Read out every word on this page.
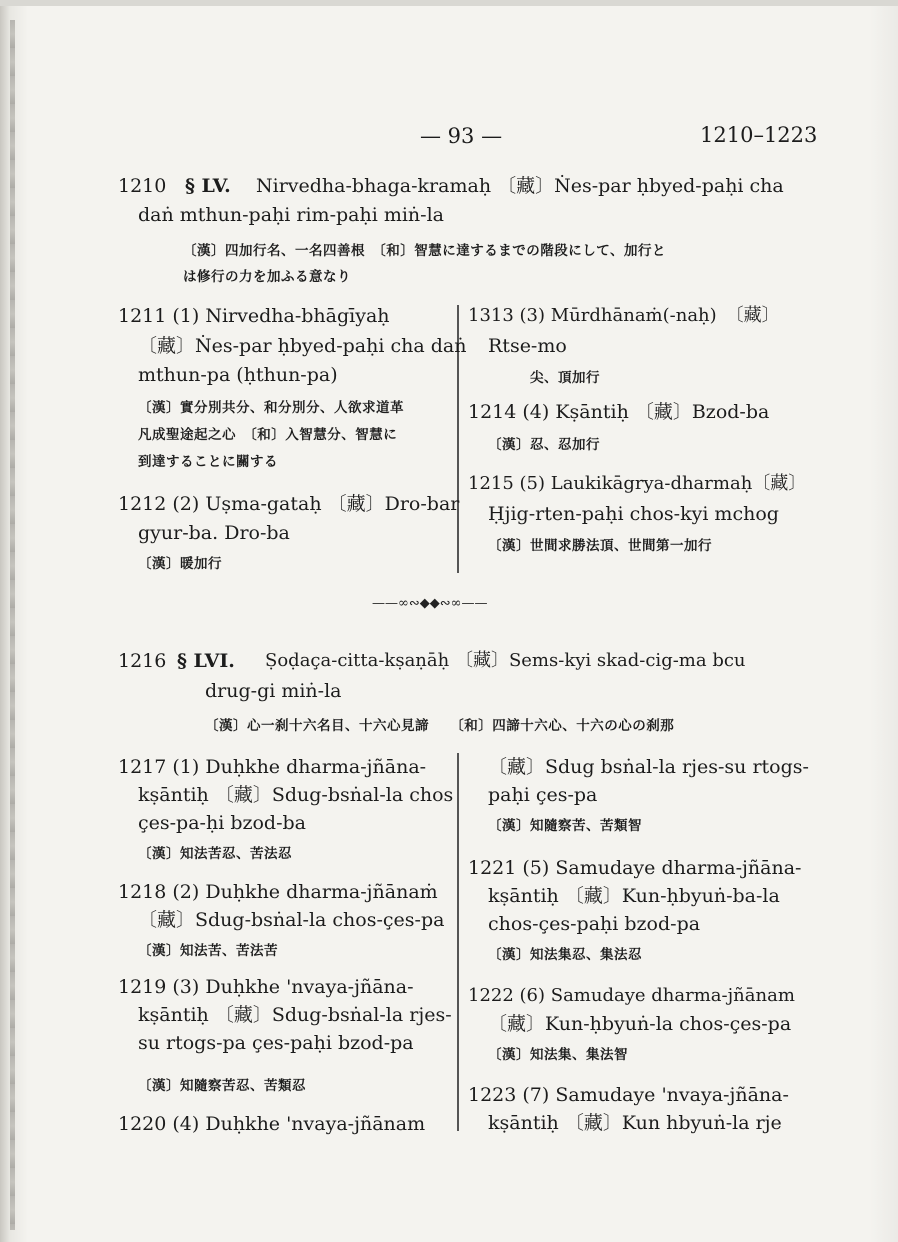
— 93 —	1210–1223
1210 § LV. Nirvedha-bhaga-kramaḥ 〔藏〕Ṅes-par ḥbyed-paḥi cha
daṅ mthun-paḥi rim-paḥi miṅ-la
〔漢〕四加行名、一名四善根　〔和〕智慧に達するまでの階段にして、加行と
は修行の力を加ふる意なり
1211 (1) Nirvedha-bhāgīyaḥ
〔藏〕Ṅes-par ḥbyed-paḥi cha daṅ
mthun-pa (ḥthun-pa)
〔漢〕實分別共分、和分別分、人欲求道革
凡成聖途起之心　〔和〕入智慧分、智慧に
到達することに關する
1212 (2) Uṣma-gataḥ 〔藏〕Dro-bar
gyur-ba. Dro-ba
〔漢〕暖加行
1313 (3) Mūrdhānaṁ(-naḥ)　〔藏〕
Rtse-mo
尖、頂加行
1214 (4) Kṣāntiḥ 〔藏〕Bzod-ba
〔漢〕忍、忍加行
1215 (5) Laukikāgrya-dharmaḥ〔藏〕
Ḥjig-rten-paḥi chos-kyi mchog
〔漢〕世間求勝法頂、世間第一加行
——∞∾◆◆∾∞——
1216 § LVI. Ṣoḍaça-citta-kṣaṇāḥ 〔藏〕Sems-kyi skad-cig-ma bcu
drug-gi miṅ-la
〔漢〕心一刹十六名目、十六心見諦　　〔和〕四諦十六心、十六の心の刹那
1217 (1) Duḥkhe dharma-jñāna-
kṣāntiḥ 〔藏〕Sdug-bsṅal-la chos
çes-pa-ḥi bzod-ba
〔漢〕知法苦忍、苦法忍
1218 (2) Duḥkhe dharma-jñānaṁ
〔藏〕Sdug-bsṅal-la chos-çes-pa
〔漢〕知法苦、苦法苦
1219 (3) Duḥkhe 'nvaya-jñāna-
kṣāntiḥ 〔藏〕Sdug-bsṅal-la rjes-
su rtogs-pa çes-paḥi bzod-pa
〔漢〕知隨察苦忍、苦類忍
1220 (4) Duḥkhe 'nvaya-jñānam
〔藏〕Sdug bsṅal-la rjes-su rtogs-
paḥi çes-pa
〔漢〕知隨察苦、苦類智
1221 (5) Samudaye dharma-jñāna-
kṣāntiḥ 〔藏〕Kun-ḥbyuṅ-ba-la
chos-çes-paḥi bzod-pa
〔漢〕知法集忍、集法忍
1222 (6) Samudaye dharma-jñānam
〔藏〕Kun-ḥbyuṅ-la chos-çes-pa
〔漢〕知法集、集法智
1223 (7) Samudaye 'nvaya-jñāna-
kṣāntiḥ 〔藏〕Kun hbyuṅ-la rje
